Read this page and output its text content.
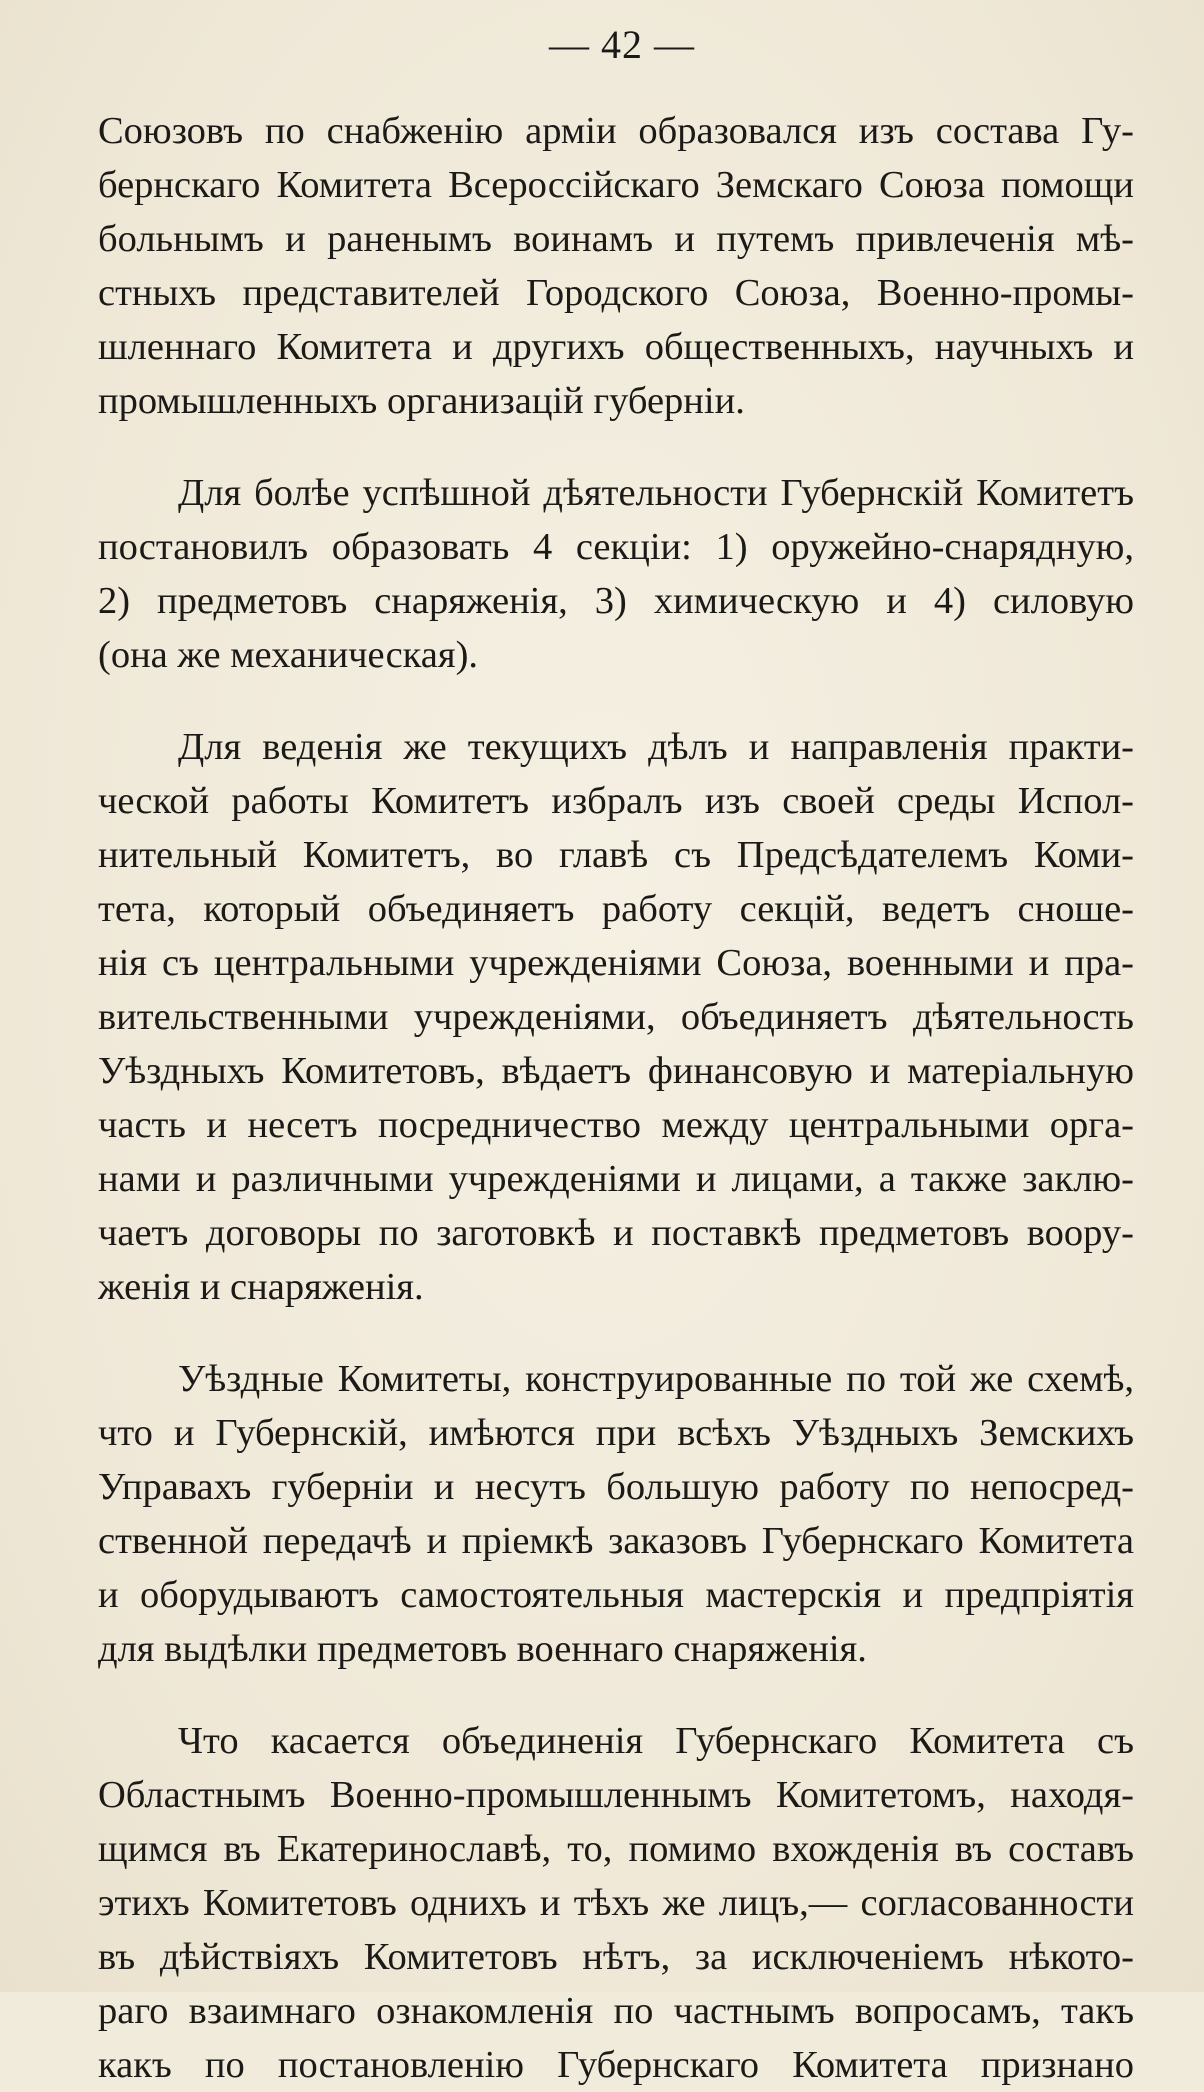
— 42 —
Союзовъ по снабженію арміи образовался изъ состава Гу-
бернскаго Комитета Всероссійскаго Земскаго Союза помощи
больнымъ и раненымъ воинамъ и путемъ привлеченія мѣ-
стныхъ представителей Городского Союза, Военно-промы-
шленнаго Комитета и другихъ общественныхъ, научныхъ и
промышленныхъ организацій губерніи.
Для болѣе успѣшной дѣятельности Губернскій Комитетъ
постановилъ образовать 4 секціи: 1) оружейно-снарядную,
2) предметовъ снаряженія, 3) химическую и 4) силовую
(она же механическая).
Для веденія же текущихъ дѣлъ и направленія практи-
ческой работы Комитетъ избралъ изъ своей среды Испол-
нительный Комитетъ, во главѣ съ Предсѣдателемъ Коми-
тета, который объединяетъ работу секцій, ведетъ сноше-
нія съ центральными учрежденіями Союза, военными и пра-
вительственными учрежденіями, объединяетъ дѣятельность
Уѣздныхъ Комитетовъ, вѣдаетъ финансовую и матеріальную
часть и несетъ посредничество между центральными орга-
нами и различными учрежденіями и лицами, а также заклю-
чаетъ договоры по заготовкѣ и поставкѣ предметовъ воору-
женія и снаряженія.
Уѣздные Комитеты, конструированные по той же схемѣ,
что и Губернскій, имѣются при всѣхъ Уѣздныхъ Земскихъ
Управахъ губерніи и несутъ большую работу по непосред-
ственной передачѣ и пріемкѣ заказовъ Губернскаго Комитета
и оборудываютъ самостоятельныя мастерскія и предпріятія
для выдѣлки предметовъ военнаго снаряженія.
Что касается объединенія Губернскаго Комитета съ
Областнымъ Военно-промышленнымъ Комитетомъ, находя-
щимся въ Екатеринославѣ, то, помимо вхожденія въ составъ
этихъ Комитетовъ однихъ и тѣхъ же лицъ,— согласованности
въ дѣйствіяхъ Комитетовъ нѣтъ, за исключеніемъ нѣкото-
раго взаимнаго ознакомленія по частнымъ вопросамъ, такъ
какъ по постановленію Губернскаго Комитета признано
